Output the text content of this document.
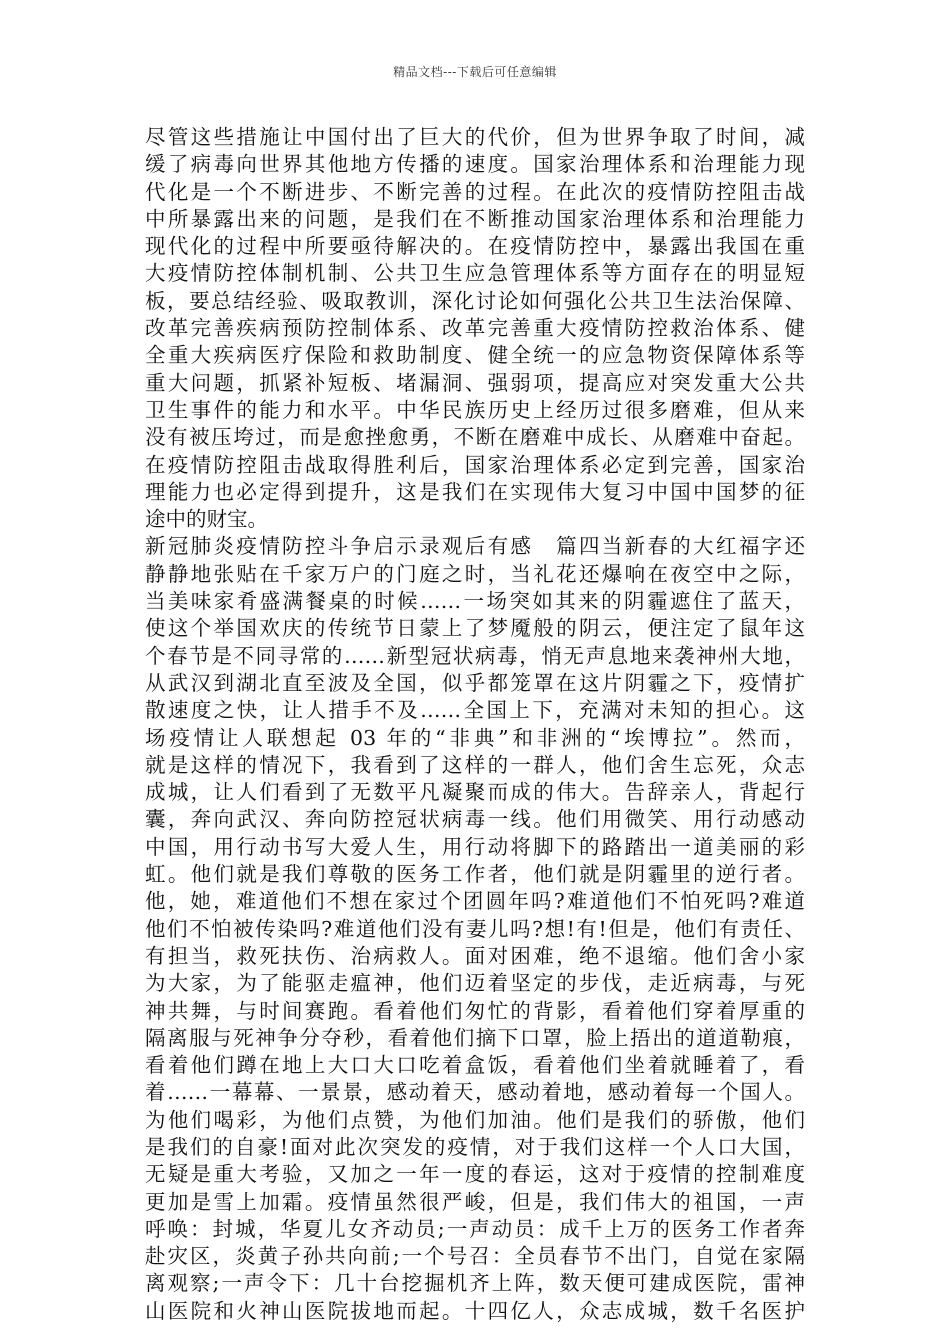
精品文档---下载后可任意编辑
尽管这些措施让中国付出了巨大的代价，但为世界争取了时间，减
缓了病毒向世界其他地方传播的速度。国家治理体系和治理能力现
代化是一个不断进步、不断完善的过程。在此次的疫情防控阻击战
中所暴露出来的问题，是我们在不断推动国家治理体系和治理能力
现代化的过程中所要亟待解决的。在疫情防控中，暴露出我国在重
大疫情防控体制机制、公共卫生应急管理体系等方面存在的明显短
板，要总结经验、吸取教训，深化讨论如何强化公共卫生法治保障、
改革完善疾病预防控制体系、改革完善重大疫情防控救治体系、健
全重大疾病医疗保险和救助制度、健全统一的应急物资保障体系等
重大问题，抓紧补短板、堵漏洞、强弱项，提高应对突发重大公共
卫生事件的能力和水平。中华民族历史上经历过很多磨难，但从来
没有被压垮过，而是愈挫愈勇，不断在磨难中成长、从磨难中奋起。
在疫情防控阻击战取得胜利后，国家治理体系必定到完善，国家治
理能力也必定得到提升，这是我们在实现伟大复习中国中国梦的征
途中的财宝。
新冠肺炎疫情防控斗争启示录观后有感　篇四当新春的大红福字还
静静地张贴在千家万户的门庭之时，当礼花还爆响在夜空中之际，
当美味家肴盛满餐桌的时候……一场突如其来的阴霾遮住了蓝天，
使这个举国欢庆的传统节日蒙上了梦魇般的阴云，便注定了鼠年这
个春节是不同寻常的……新型冠状病毒，悄无声息地来袭神州大地，
从武汉到湖北直至波及全国，似乎都笼罩在这片阴霾之下，疫情扩
散速度之快，让人措手不及……全国上下，充满对未知的担心。这
场疫情让人联想起 03 年的“非典”和非洲的“埃博拉”。然而，
就是这样的情况下，我看到了这样的一群人，他们舍生忘死，众志
成城，让人们看到了无数平凡凝聚而成的伟大。告辞亲人，背起行
囊，奔向武汉、奔向防控冠状病毒一线。他们用微笑、用行动感动
中国，用行动书写大爱人生，用行动将脚下的路踏出一道美丽的彩
虹。他们就是我们尊敬的医务工作者，他们就是阴霾里的逆行者。
他，她，难道他们不想在家过个团圆年吗?难道他们不怕死吗?难道
他们不怕被传染吗?难道他们没有妻儿吗?想!有!但是，他们有责任、
有担当，救死扶伤、治病救人。面对困难，绝不退缩。他们舍小家
为大家，为了能驱走瘟神，他们迈着坚定的步伐，走近病毒，与死
神共舞，与时间赛跑。看着他们匆忙的背影，看着他们穿着厚重的
隔离服与死神争分夺秒，看着他们摘下口罩，脸上捂出的道道勒痕，
看着他们蹲在地上大口大口吃着盒饭，看着他们坐着就睡着了，看
着……一幕幕、一景景，感动着天，感动着地，感动着每一个国人。
为他们喝彩，为他们点赞，为他们加油。他们是我们的骄傲，他们
是我们的自豪!面对此次突发的疫情，对于我们这样一个人口大国，
无疑是重大考验，又加之一年一度的春运，这对于疫情的控制难度
更加是雪上加霜。疫情虽然很严峻，但是，我们伟大的祖国，一声
呼唤：封城，华夏儿女齐动员;一声动员：成千上万的医务工作者奔
赴灾区，炎黄子孙共向前;一个号召：全员春节不出门，自觉在家隔
离观察;一声令下：几十台挖掘机齐上阵，数天便可建成医院，雷神
山医院和火神山医院拔地而起。十四亿人，众志成城，数千名医护
